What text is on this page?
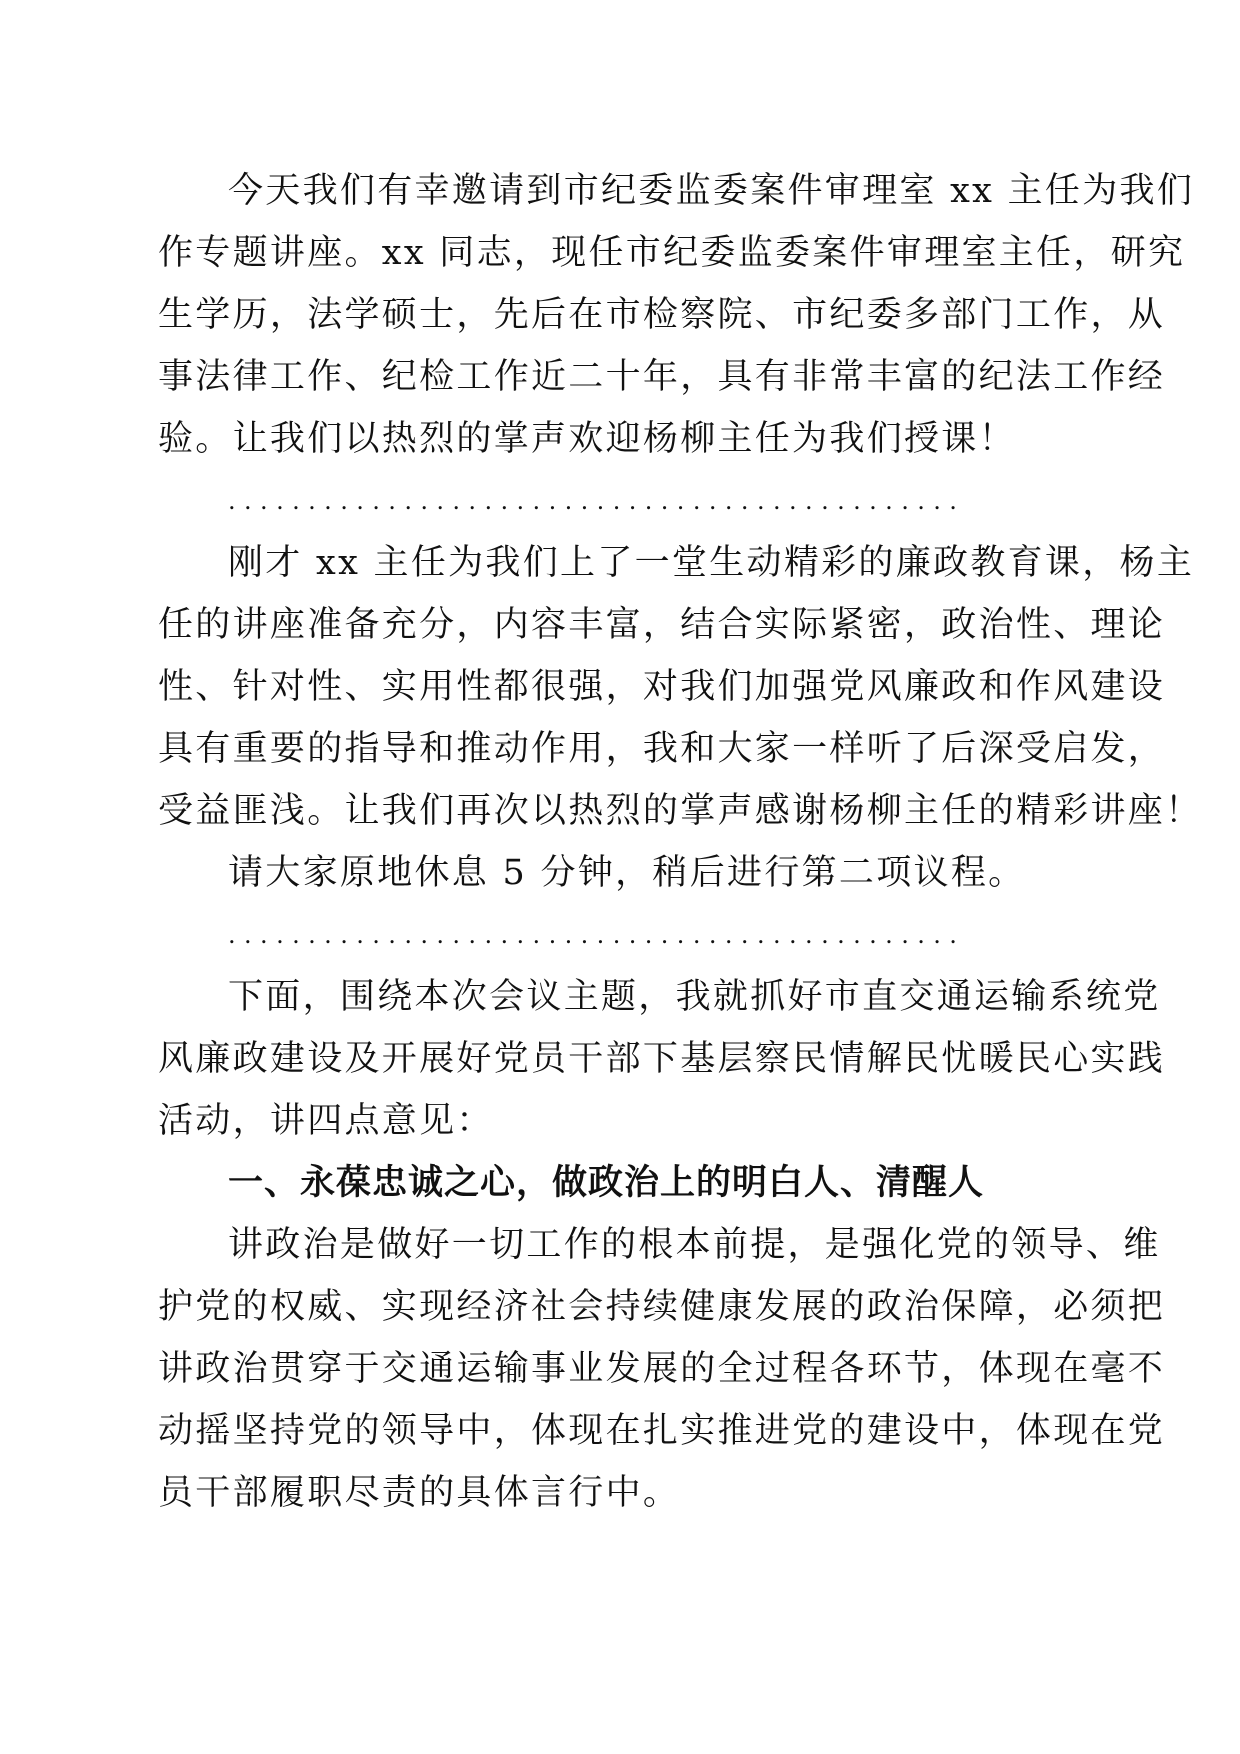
今天我们有幸邀请到市纪委监委案件审理室 xx 主任为我们
作专题讲座。xx 同志，现任市纪委监委案件审理室主任，研究
生学历，法学硕士，先后在市检察院、市纪委多部门工作，从
事法律工作、纪检工作近二十年，具有非常丰富的纪法工作经
验。让我们以热烈的掌声欢迎杨柳主任为我们授课！
..............................................
刚才 xx 主任为我们上了一堂生动精彩的廉政教育课，杨主
任的讲座准备充分，内容丰富，结合实际紧密，政治性、理论
性、针对性、实用性都很强，对我们加强党风廉政和作风建设
具有重要的指导和推动作用，我和大家一样听了后深受启发，
受益匪浅。让我们再次以热烈的掌声感谢杨柳主任的精彩讲座！
请大家原地休息 5 分钟，稍后进行第二项议程。
..............................................
下面，围绕本次会议主题，我就抓好市直交通运输系统党
风廉政建设及开展好党员干部下基层察民情解民忧暖民心实践
活动，讲四点意见：
一、永葆忠诚之心，做政治上的明白人、清醒人
讲政治是做好一切工作的根本前提，是强化党的领导、维
护党的权威、实现经济社会持续健康发展的政治保障，必须把
讲政治贯穿于交通运输事业发展的全过程各环节，体现在毫不
动摇坚持党的领导中，体现在扎实推进党的建设中，体现在党
员干部履职尽责的具体言行中。
